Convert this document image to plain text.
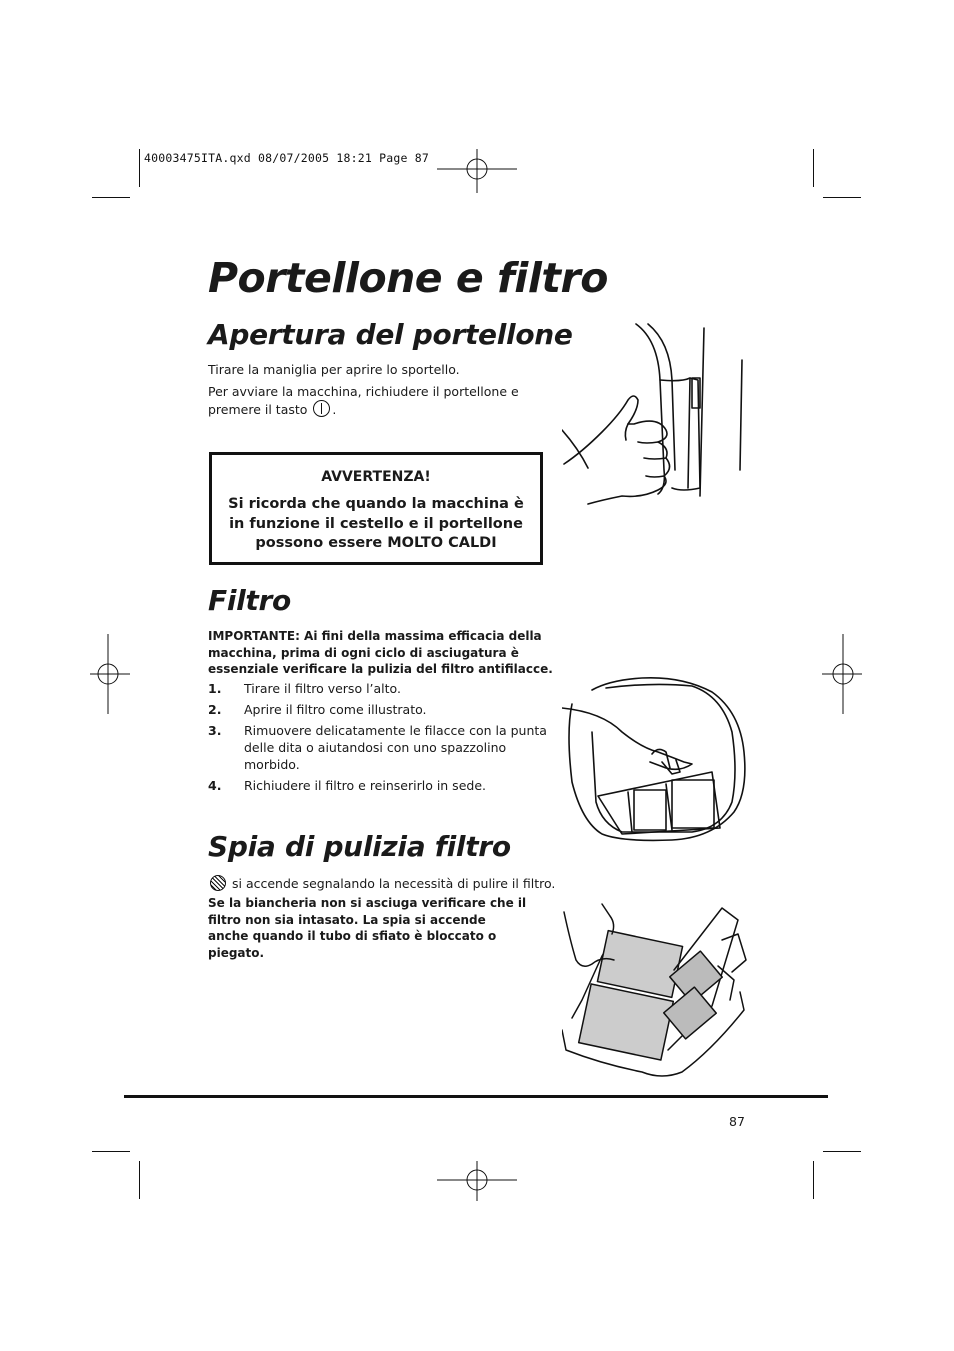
40003475ITA.qxd 08/07/2005 18:21 Page 87
Portellone e filtro
Apertura del portellone
Tirare la maniglia per aprire lo sportello.
Per avviare la macchina, richiudere il portellone e
premere il tasto .
AVVERTENZA!
Si ricorda che quando la macchina è in funzione il cestello e il portellone possono essere MOLTO CALDI
Filtro
IMPORTANTE: Ai fini della massima efficacia della macchina, prima di ogni ciclo di asciugatura è essenziale verificare la pulizia del filtro antifilacce.
1. Tirare il filtro verso l’alto.
2. Aprire il filtro come illustrato.
3. Rimuovere delicatamente le filacce con la punta delle dita o aiutandosi con uno spazzolino morbido.
4. Richiudere il filtro e reinserirlo in sede.
Spia di pulizia filtro
si accende segnalando la necessità di pulire il filtro.
Se la biancheria non si asciuga verificare che il filtro non sia intasato. La spia si accende anche quando il tubo di sfiato è bloccato o piegato.
87
